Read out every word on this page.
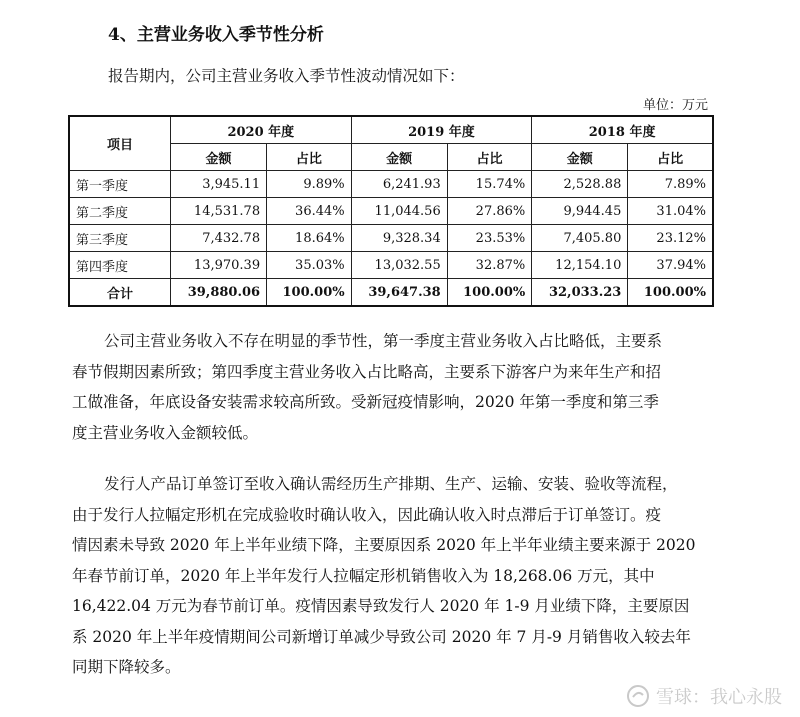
4、主营业务收入季节性分析
报告期内，公司主营业务收入季节性波动情况如下：
单位：万元
项目	2020 年度		2019 年度		2018 年度	
	金额	占比	金额	占比	金额	占比
第一季度	3,945.11	9.89%	6,241.93	15.74%	2,528.88	7.89%
第二季度	14,531.78	36.44%	11,044.56	27.86%	9,944.45	31.04%
第三季度	7,432.78	18.64%	9,328.34	23.53%	7,405.80	23.12%
第四季度	13,970.39	35.03%	13,032.55	32.87%	12,154.10	37.94%
合计	39,880.06	100.00%	39,647.38	100.00%	32,033.23	100.00%
公司主营业务收入不存在明显的季节性，第一季度主营业务收入占比略低，主要系
春节假期因素所致；第四季度主营业务收入占比略高，主要系下游客户为来年生产和招
工做准备，年底设备安装需求较高所致。受新冠疫情影响，2020 年第一季度和第三季
度主营业务收入金额较低。
发行人产品订单签订至收入确认需经历生产排期、生产、运输、安装、验收等流程，
由于发行人拉幅定形机在完成验收时确认收入，因此确认收入时点滞后于订单签订。疫
情因素未导致 2020 年上半年业绩下降，主要原因系 2020 年上半年业绩主要来源于 2020
年春节前订单，2020 年上半年发行人拉幅定形机销售收入为 18,268.06 万元，其中
16,422.04 万元为春节前订单。疫情因素导致发行人 2020 年 1-9 月业绩下降，主要原因
系 2020 年上半年疫情期间公司新增订单减少导致公司 2020 年 7 月-9 月销售收入较去年
同期下降较多。
雪球：我心永股
